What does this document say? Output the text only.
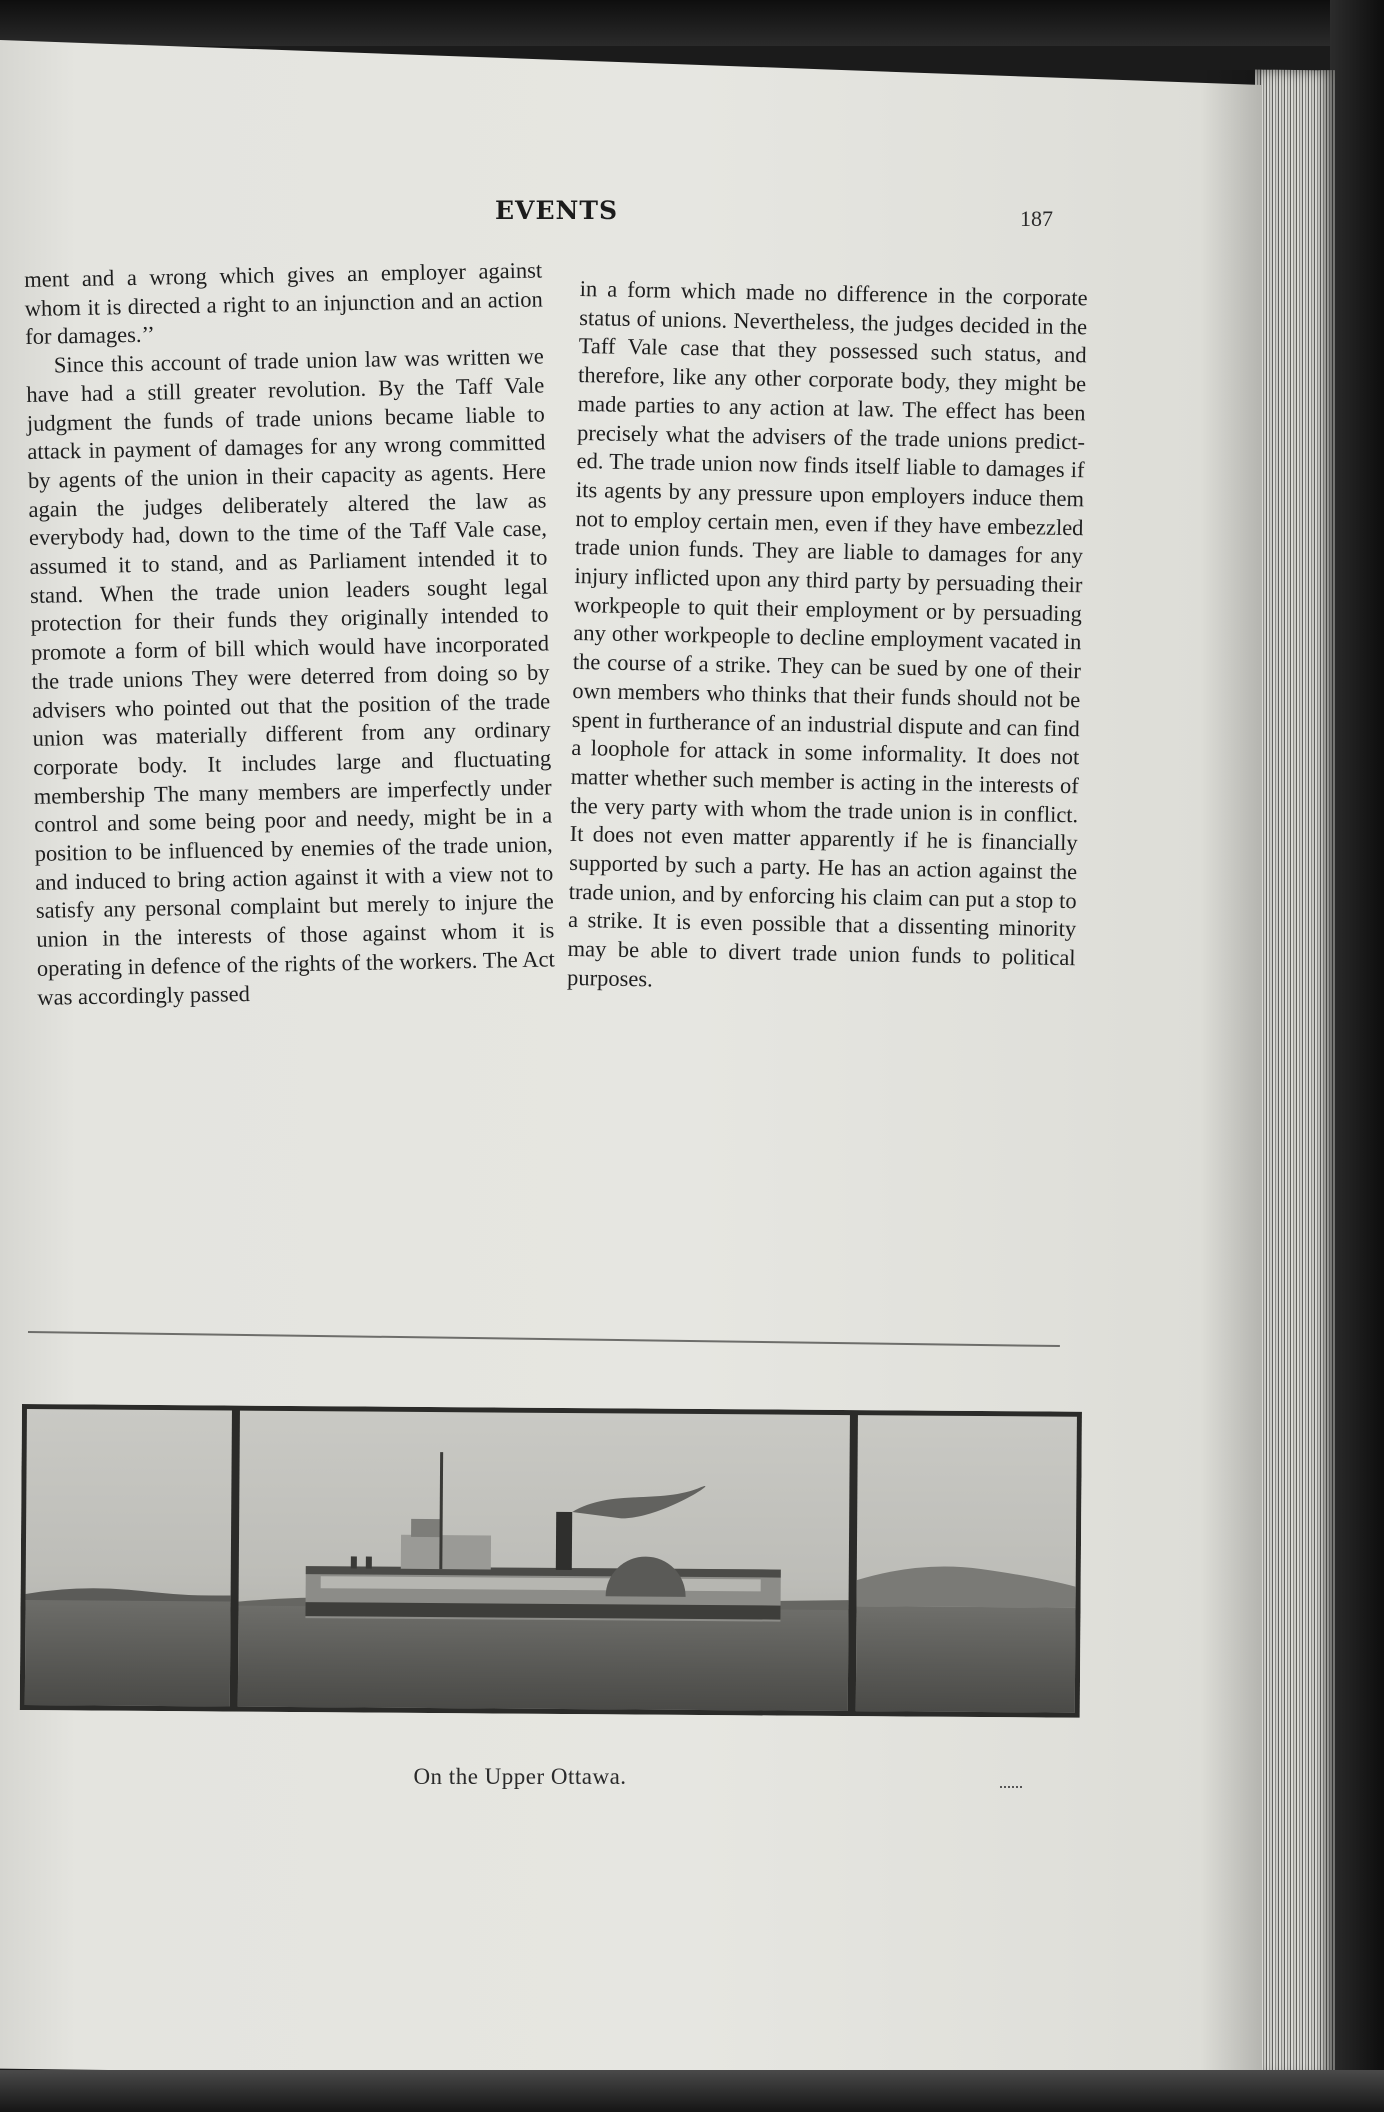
EVENTS	187

ment and a wrong which gives an employer against whom it is directed a right to an injunction and an action for damages.’’

Since this account of trade union law was written we have had a still greater revolution. By the Taff Vale judgment the funds of trade unions became liable to attack in payment of damages for any wrong committed by agents of the union in their capacity as agents. Here again the judges deliberately altered the law as everybody had, down to the time of the Taff Vale case, assumed it to stand, and as Parliament intended it to stand. When the trade union leaders sought legal protection for their funds they originally intended to promote a form of bill which would have incorporated the trade unions They were deterred from doing so by advisers who pointed out that the position of the trade union was materially different from any ordinary corporate body. It includes large and fluctuating membership The many members are imperfectly under control and some being poor and needy, might be in a position to be influenced by enemies of the trade union, and induced to bring action against it with a view not to satisfy any personal complaint but merely to injure the union in the interests of those against whom it is operating in defence of the rights of the workers. The Act was accordingly passed

in a form which made no difference in the corporate status of unions. Nevertheless, the judges decided in the Taff Vale case that they possessed such status, and therefore, like any other corporate body, they might be made parties to any action at law. The effect has been precisely what the advisers of the trade unions predicted. The trade union now finds itself liable to damages if its agents by any pressure upon employers induce them not to employ certain men, even if they have embezzled trade union funds. They are liable to damages for any injury inflicted upon any third party by persuading their workpeople to quit their employment or by persuading any other workpeople to decline employment vacated in the course of a strike. They can be sued by one of their own members who thinks that their funds should not be spent in furtherance of an industrial dispute and can find a loophole for attack in some informality. It does not matter whether such member is acting in the interests of the very party with whom the trade union is in conflict. It does not even matter apparently if he is financially supported by such a party. He has an action against the trade union, and by enforcing his claim can put a stop to a strike. It is even possible that a dissenting minority may be able to divert trade union funds to political purposes.

On the Upper Ottawa.
